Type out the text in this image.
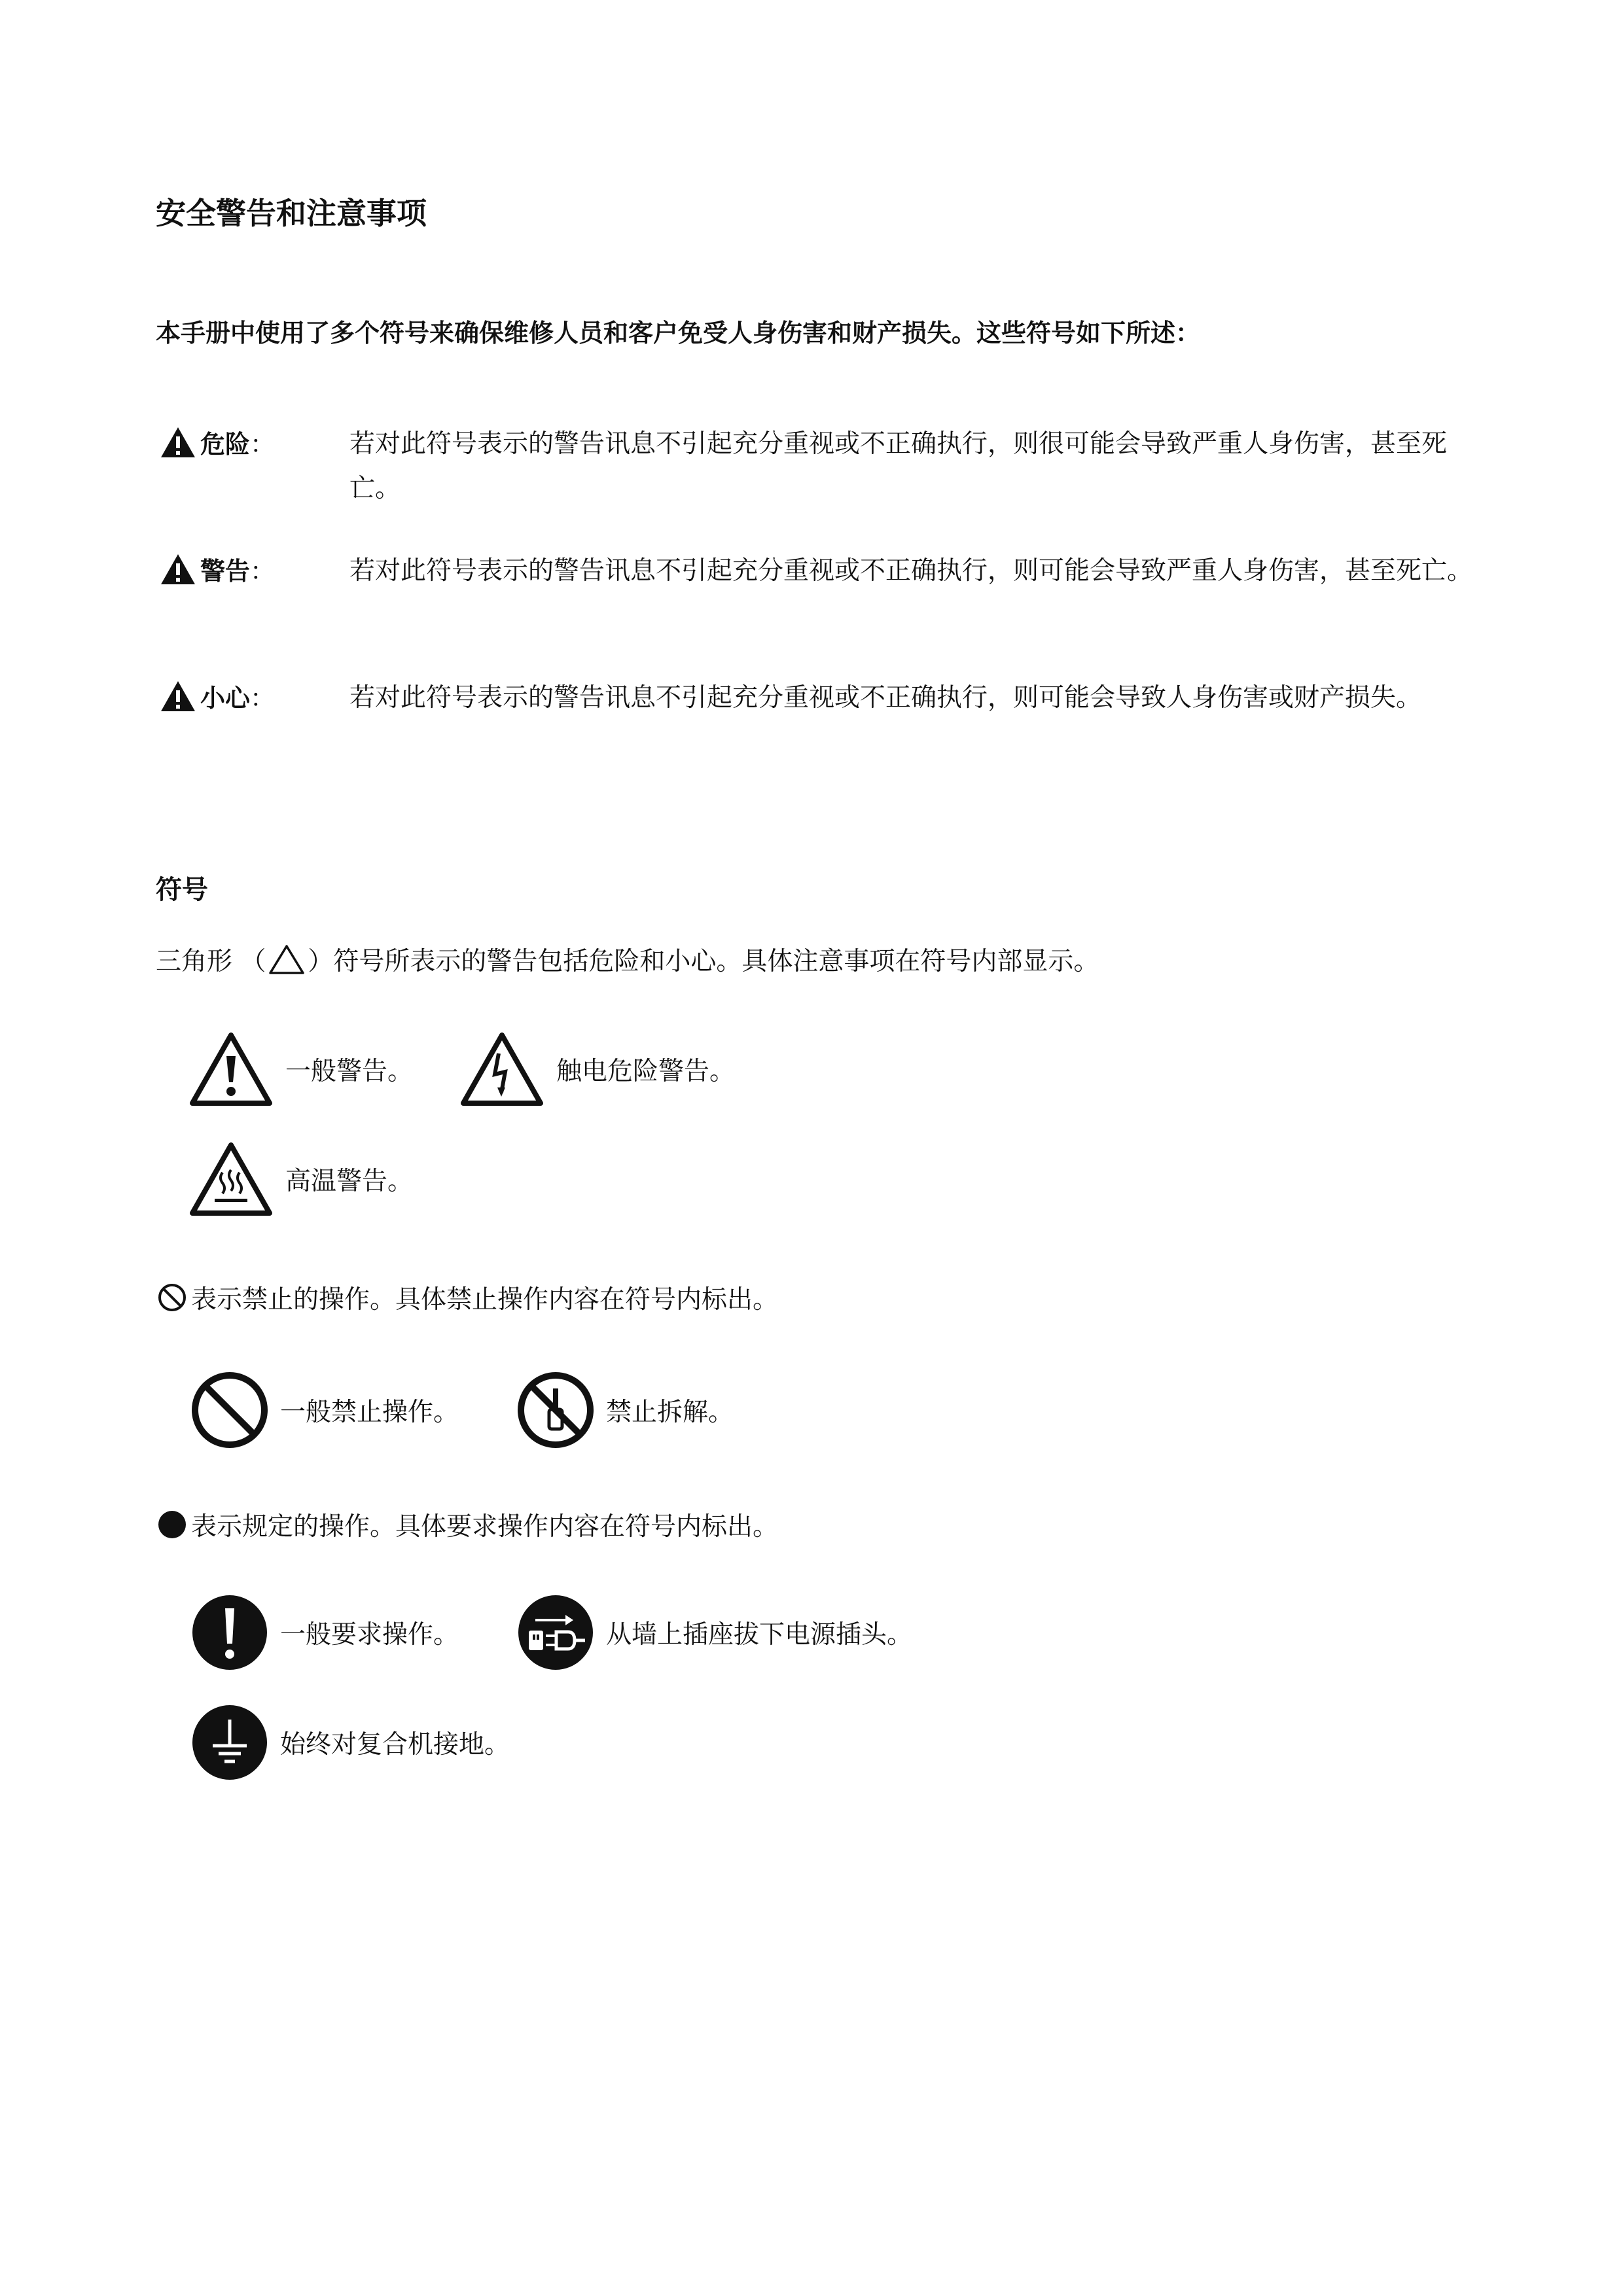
安全警告和注意事项
本手册中使用了多个符号来确保维修人员和客户免受人身伤害和财产损失。这些符号如下所述：
危险 ：	若对此符号表示的警告讯息不引起充分重视或不正确执行，则很可能会导致严重人身伤害，甚至死亡。
警告 ：	若对此符号表示的警告讯息不引起充分重视或不正确执行，则可能会导致严重人身伤害，甚至死亡。
小心 ：	若对此符号表示的警告讯息不引起充分重视或不正确执行，则可能会导致人身伤害或财产损失。
符号
三角形 （ ）符号所表示的警告包括危险和小心。具体注意事项在符号内部显示。
一般警告。	触电危险警告。
高温警告。
表示禁止的操作。具体禁止操作内容在符号内标出。
一般禁止操作。	禁止拆解。
表示规定的操作。具体要求操作内容在符号内标出。
一般要求操作。	从墙上插座拔下电源插头。
始终对复合机接地。
